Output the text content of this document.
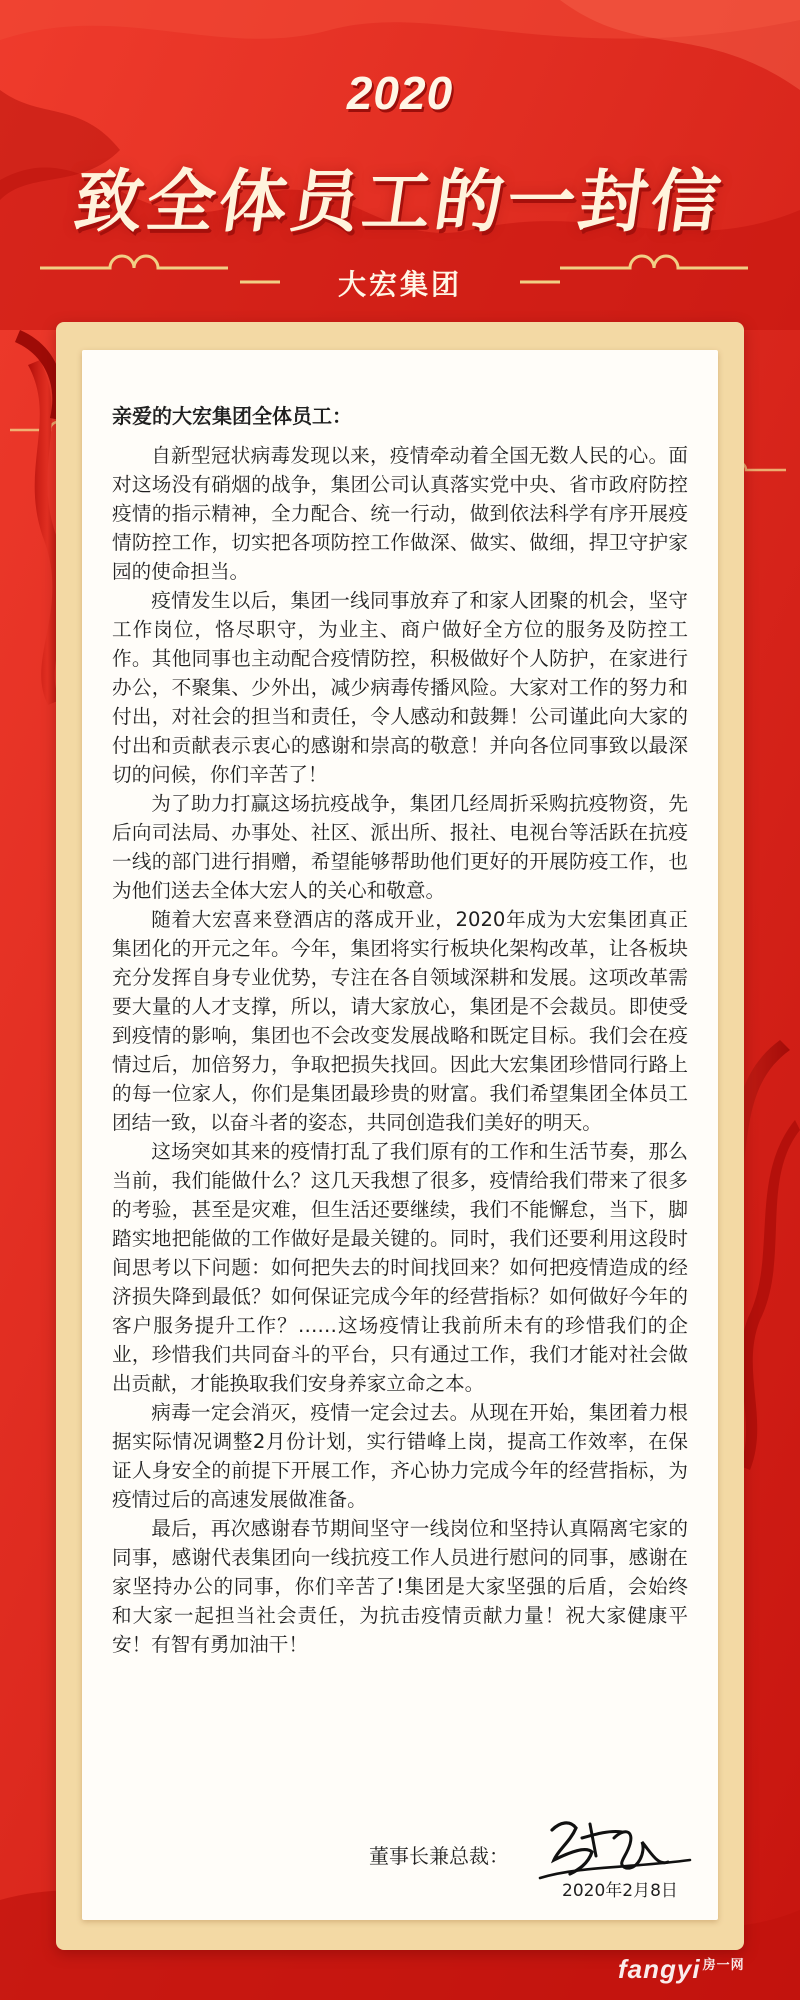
2020
致全体员工的一封信
大宏集团
亲爱的大宏集团全体员工：

自新型冠状病毒发现以来，疫情牵动着全国无数人民的心。面对这场没有硝烟的战争，集团公司认真落实党中央、省市政府防控疫情的指示精神，全力配合、统一行动，做到依法科学有序开展疫情防控工作，切实把各项防控工作做深、做实、做细，捍卫守护家园的使命担当。

疫情发生以后，集团一线同事放弃了和家人团聚的机会，坚守工作岗位，恪尽职守，为业主、商户做好全方位的服务及防控工作。其他同事也主动配合疫情防控，积极做好个人防护，在家进行办公，不聚集、少外出，减少病毒传播风险。大家对工作的努力和付出，对社会的担当和责任，令人感动和鼓舞！公司谨此向大家的付出和贡献表示衷心的感谢和崇高的敬意！并向各位同事致以最深切的问候，你们辛苦了！

为了助力打赢这场抗疫战争，集团几经周折采购抗疫物资，先后向司法局、办事处、社区、派出所、报社、电视台等活跃在抗疫一线的部门进行捐赠，希望能够帮助他们更好的开展防疫工作，也为他们送去全体大宏人的关心和敬意。

随着大宏喜来登酒店的落成开业，2020年成为大宏集团真正集团化的开元之年。今年，集团将实行板块化架构改革，让各板块充分发挥自身专业优势，专注在各自领域深耕和发展。这项改革需要大量的人才支撑，所以，请大家放心，集团是不会裁员。即使受到疫情的影响，集团也不会改变发展战略和既定目标。我们会在疫情过后，加倍努力，争取把损失找回。因此大宏集团珍惜同行路上的每一位家人，你们是集团最珍贵的财富。我们希望集团全体员工团结一致，以奋斗者的姿态，共同创造我们美好的明天。

这场突如其来的疫情打乱了我们原有的工作和生活节奏，那么当前，我们能做什么？这几天我想了很多，疫情给我们带来了很多的考验，甚至是灾难，但生活还要继续，我们不能懈怠，当下，脚踏实地把能做的工作做好是最关键的。同时，我们还要利用这段时间思考以下问题：如何把失去的时间找回来？如何把疫情造成的经济损失降到最低？如何保证完成今年的经营指标？如何做好今年的客户服务提升工作？……这场疫情让我前所未有的珍惜我们的企业，珍惜我们共同奋斗的平台，只有通过工作，我们才能对社会做出贡献，才能换取我们安身养家立命之本。

病毒一定会消灭，疫情一定会过去。从现在开始，集团着力根据实际情况调整2月份计划，实行错峰上岗，提高工作效率，在保证人身安全的前提下开展工作，齐心协力完成今年的经营指标，为疫情过后的高速发展做准备。

最后，再次感谢春节期间坚守一线岗位和坚持认真隔离宅家的同事，感谢代表集团向一线抗疫工作人员进行慰问的同事，感谢在家坚持办公的同事，你们辛苦了!集团是大家坚强的后盾，会始终和大家一起担当社会责任，为抗击疫情贡献力量！祝大家健康平安！有智有勇加油干！

董事长兼总裁：
2020年2月8日
fangyi $^{房一网}$
